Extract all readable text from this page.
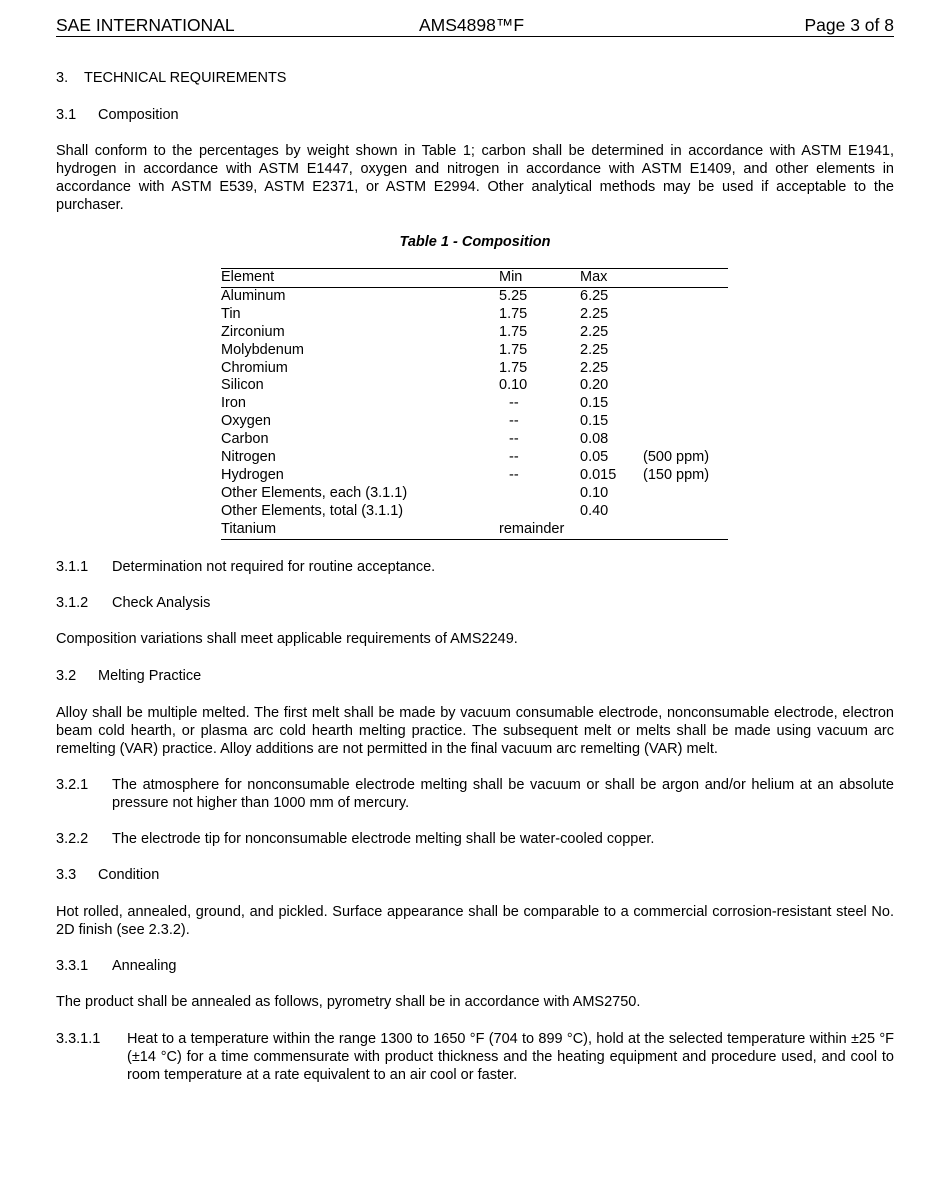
SAE INTERNATIONAL	AMS4898™F	Page 3 of 8
3. TECHNICAL REQUIREMENTS
3.1 Composition
Shall conform to the percentages by weight shown in Table 1; carbon shall be determined in accordance with ASTM E1941, hydrogen in accordance with ASTM E1447, oxygen and nitrogen in accordance with ASTM E1409, and other elements in accordance with ASTM E539, ASTM E2371, or ASTM E2994. Other analytical methods may be used if acceptable to the purchaser.
Table 1 - Composition
Element	Min	Max	
Aluminum	5.25	6.25	
Tin	1.75	2.25	
Zirconium	1.75	2.25	
Molybdenum	1.75	2.25	
Chromium	1.75	2.25	
Silicon	0.10	0.20	
Iron	--	0.15	
Oxygen	--	0.15	
Carbon	--	0.08	
Nitrogen	--	0.05	(500 ppm)
Hydrogen	--	0.015	(150 ppm)
Other Elements, each (3.1.1)		0.10	
Other Elements, total (3.1.1)		0.40	
Titanium	remainder		
3.1.1 Determination not required for routine acceptance.
3.1.2 Check Analysis
Composition variations shall meet applicable requirements of AMS2249.
3.2 Melting Practice
Alloy shall be multiple melted. The first melt shall be made by vacuum consumable electrode, nonconsumable electrode, electron beam cold hearth, or plasma arc cold hearth melting practice. The subsequent melt or melts shall be made using vacuum arc remelting (VAR) practice. Alloy additions are not permitted in the final vacuum arc remelting (VAR) melt.
3.2.1 The atmosphere for nonconsumable electrode melting shall be vacuum or shall be argon and/or helium at an absolute pressure not higher than 1000 mm of mercury.
3.2.2 The electrode tip for nonconsumable electrode melting shall be water-cooled copper.
3.3 Condition
Hot rolled, annealed, ground, and pickled. Surface appearance shall be comparable to a commercial corrosion-resistant steel No. 2D finish (see 2.3.2).
3.3.1 Annealing
The product shall be annealed as follows, pyrometry shall be in accordance with AMS2750.
3.3.1.1 Heat to a temperature within the range 1300 to 1650 °F (704 to 899 °C), hold at the selected temperature within ±25 °F (±14 °C) for a time commensurate with product thickness and the heating equipment and procedure used, and cool to room temperature at a rate equivalent to an air cool or faster.
